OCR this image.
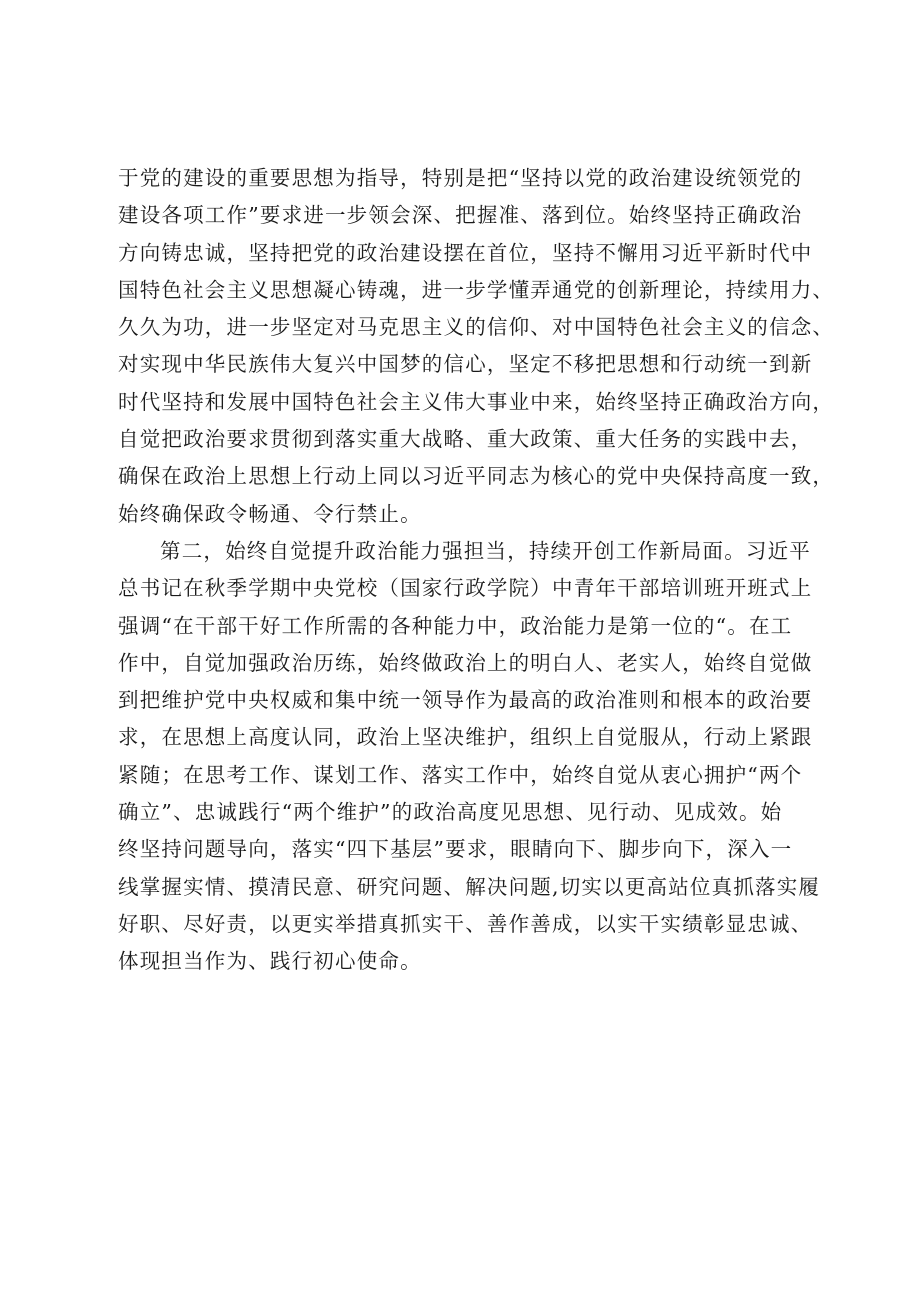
于党的建设的重要思想为指导，特别是把“坚持以党的政治建设统领党的
建设各项工作”要求进一步领会深、把握准、落到位。始终坚持正确政治
方向铸忠诚，坚持把党的政治建设摆在首位，坚持不懈用习近平新时代中
国特色社会主义思想凝心铸魂，进一步学懂弄通党的创新理论，持续用力、
久久为功，进一步坚定对马克思主义的信仰、对中国特色社会主义的信念、
对实现中华民族伟大复兴中国梦的信心，坚定不移把思想和行动统一到新
时代坚持和发展中国特色社会主义伟大事业中来，始终坚持正确政治方向，
自觉把政治要求贯彻到落实重大战略、重大政策、重大任务的实践中去，
确保在政治上思想上行动上同以习近平同志为核心的党中央保持高度一致，
始终确保政令畅通、令行禁止。
第二，始终自觉提升政治能力强担当，持续开创工作新局面。习近平
总书记在秋季学期中央党校（国家行政学院）中青年干部培训班开班式上
强调“在干部干好工作所需的各种能力中，政治能力是第一位的“。在工
作中，自觉加强政治历练，始终做政治上的明白人、老实人，始终自觉做
到把维护党中央权威和集中统一领导作为最高的政治准则和根本的政治要
求，在思想上高度认同，政治上坚决维护，组织上自觉服从，行动上紧跟
紧随；在思考工作、谋划工作、落实工作中，始终自觉从衷心拥护“两个
确立”、忠诚践行“两个维护”的政治高度见思想、见行动、见成效。始
终坚持问题导向，落实“四下基层”要求，眼睛向下、脚步向下，深入一
线掌握实情、摸清民意、研究问题、解决问题,切实以更高站位真抓落实履
好职、尽好责，以更实举措真抓实干、善作善成，以实干实绩彰显忠诚、
体现担当作为、践行初心使命。
